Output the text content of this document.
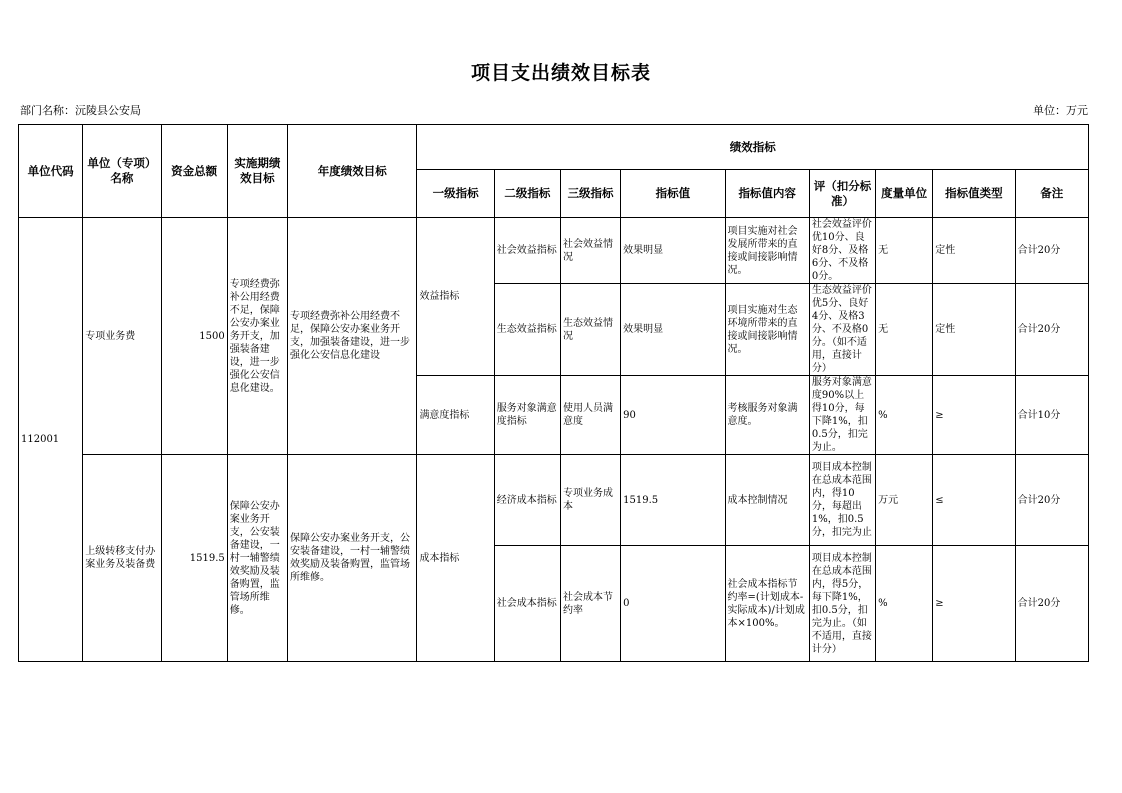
项目支出绩效目标表
部门名称：沅陵县公安局	单位：万元
单位代码	单位（专项）名称	资金总额	实施期绩效目标	年度绩效目标	绩效指标								
					一级指标	二级指标	三级指标	指标值	指标值内容	评（扣分标准）	度量单位	指标值类型	备注
112001	专项业务费	1500	专项经费弥补公用经费不足，保障公安办案业务开支，加强装备建设，进一步强化公安信息化建设。	专项经费弥补公用经费不足，保障公安办案业务开支，加强装备建设，进一步强化公安信息化建设	效益指标	社会效益指标	社会效益情况	效果明显	项目实施对社会发展所带来的直接或间接影响情况。	社会效益评价优10分、良好8分、及格6分、不及格0分。	无	定性	合计20分
						生态效益指标	生态效益情况	效果明显	项目实施对生态环境所带来的直接或间接影响情况。	生态效益评价优5分、良好4分、及格3分、不及格0分。（如不适用，直接计分）	无	定性	合计20分
					满意度指标	服务对象满意度指标	使用人员满意度	90	考核服务对象满意度。	服务对象满意度90%以上得10分，每下降1%，扣0.5分，扣完为止。	%	≥	合计10分
	上级转移支付办案业务及装备费	1519.5	保障公安办案业务开支，公安装备建设，一村一辅警绩效奖励及装备购置，监管场所维修。	保障公安办案业务开支，公安装备建设，一村一辅警绩效奖励及装备购置，监管场所维修。	成本指标	经济成本指标	专项业务成本	1519.5	成本控制情况	项目成本控制在总成本范围内，得10分，每超出1%，扣0.5分，扣完为止	万元	≤	合计20分
						社会成本指标	社会成本节约率	0	社会成本指标节约率=(计划成本-实际成本)/计划成本×100%。	项目成本控制在总成本范围内，得5分，每下降1%，扣0.5分，扣完为止。（如不适用，直接计分）	%	≥	合计20分
